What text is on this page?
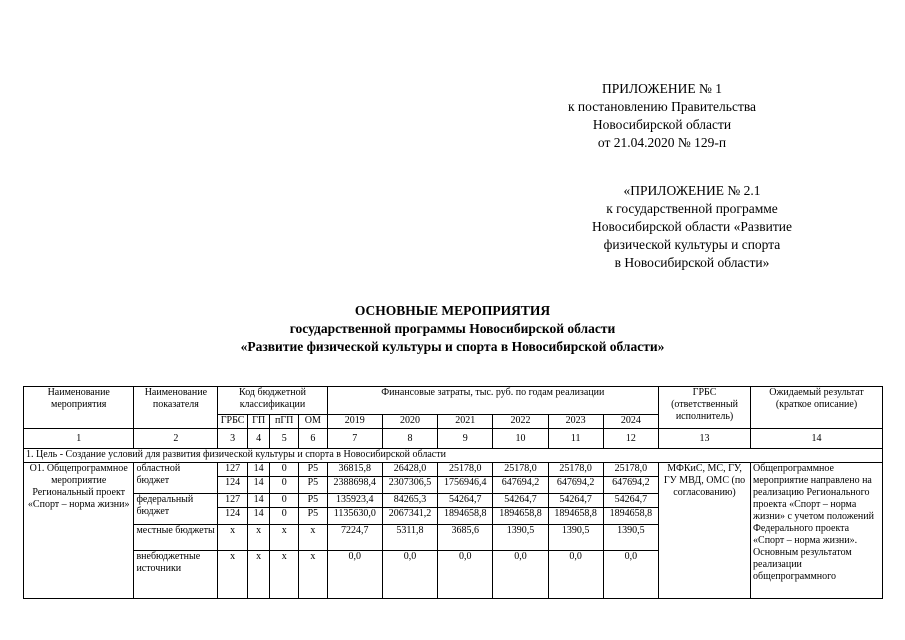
ПРИЛОЖЕНИЕ № 1
к постановлению Правительства
Новосибирской области
от 21.04.2020 № 129-п
«ПРИЛОЖЕНИЕ № 2.1
к государственной программе
Новосибирской области «Развитие
физической культуры и спорта
в Новосибирской области»
ОСНОВНЫЕ МЕРОПРИЯТИЯ
государственной программы Новосибирской области
«Развитие физической культуры и спорта в Новосибирской области»
Наименование мероприятия	Наименование показателя	Код бюджетной классификации				Финансовые затраты, тыс. руб. по годам реализации						ГРБС (ответственный исполнитель)	Ожидаемый результат (краткое описание)
		ГРБС	ГП	пГП	ОМ	2019	2020	2021	2022	2023	2024		
1	2	3	4	5	6	7	8	9	10	11	12	13	14
1. Цель - Создание условий для развития физической культуры и спорта в Новосибирской области													
О1. Общепрограммное мероприятие Региональный проект «Спорт – норма жизни»	областной бюджет	127	14	0	Р5	36815,8	26428,0	25178,0	25178,0	25178,0	25178,0	МФКиС, МС, ГУ, ГУ МВД, ОМС (по согласованию)	Общепрограммное мероприятие направлено на реализацию Регионального проекта «Спорт – норма жизни» с учетом положений Федерального проекта «Спорт – норма жизни». Основным результатом реализации общепрограммного
		124	14	0	Р5	2388698,4	2307306,5	1756946,4	647694,2	647694,2	647694,2		
	федеральный бюджет	127	14	0	Р5	135923,4	84265,3	54264,7	54264,7	54264,7	54264,7		
		124	14	0	Р5	1135630,0	2067341,2	1894658,8	1894658,8	1894658,8	1894658,8		
	местные бюджеты	х	х	х	х	7224,7	5311,8	3685,6	1390,5	1390,5	1390,5		
	внебюджетные источники	х	х	х	х	0,0	0,0	0,0	0,0	0,0	0,0		
